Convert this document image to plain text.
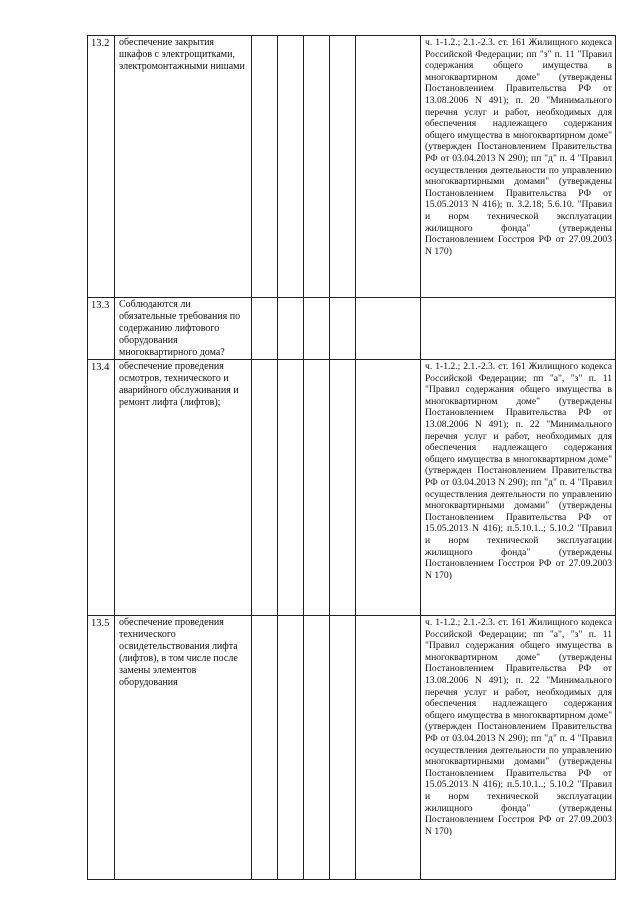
13.2	обеспечение закрытия шкафов с электрощитками, электромонтажными нишами						ч. 1-1.2.; 2.1.-2.3. ст. 161 Жилищного кодекса Российской Федерации; пп "з" п. 11 "Правил содержания общего имущества в многоквартирном доме" (утверждены Постановлением Правительства РФ от 13.08.2006 N 491); п. 20 "Минимального перечня услуг и работ, необходимых для обеспечения надлежащего содержания общего имущества в многоквартирном доме" (утвержден Постановлением Правительства РФ от 03.04.2013 N 290); пп "д" п. 4 "Правил осуществления деятельности по управлению многоквартирными домами" (утверждены Постановлением Правительства РФ от 15.05.2013 N 416); п. 3.2.18; 5.6.10. "Правил и норм технической эксплуатации жилищного фонда" (утверждены Постановлением Госстроя РФ от 27.09.2003 N 170)
13.3	Соблюдаются ли обязательные требования по содержанию лифтового оборудования многоквартирного дома?						
13.4	обеспечение проведения осмотров, технического и аварийного обслуживания и ремонт лифта (лифтов);						ч. 1-1.2.; 2.1.-2.3. ст. 161 Жилищного кодекса Российской Федерации; пп "а", "з" п. 11 "Правил содержания общего имущества в многоквартирном доме" (утверждены Постановлением Правительства РФ от 13.08.2006 N 491); п. 22 "Минимального перечня услуг и работ, необходимых для обеспечения надлежащего содержания общего имущества в многоквартирном доме" (утвержден Постановлением Правительства РФ от 03.04.2013 N 290); пп "д" п. 4 "Правил осуществления деятельности по управлению многоквартирными домами" (утверждены Постановлением Правительства РФ от 15.05.2013 N 416); п.5.10.1..; 5.10.2 "Правил и норм технической эксплуатации жилищного фонда" (утверждены Постановлением Госстроя РФ от 27.09.2003 N 170)
13.5	обеспечение проведения технического освидетельствования лифта (лифтов), в том числе после замены элементов оборудования						ч. 1-1.2.; 2.1.-2.3. ст. 161 Жилищного кодекса Российской Федерации; пп "а", "з" п. 11 "Правил содержания общего имущества в многоквартирном доме" (утверждены Постановлением Правительства РФ от 13.08.2006 N 491); п. 22 "Минимального перечня услуг и работ, необходимых для обеспечения надлежащего содержания общего имущества в многоквартирном доме" (утвержден Постановлением Правительства РФ от 03.04.2013 N 290); пп "д" п. 4 "Правил осуществления деятельности по управлению многоквартирными домами" (утверждены Постановлением Правительства РФ от 15.05.2013 N 416); п.5.10.1..; 5.10.2 "Правил и норм технической эксплуатации жилищного фонда" (утверждены Постановлением Госстроя РФ от 27.09.2003 N 170)
